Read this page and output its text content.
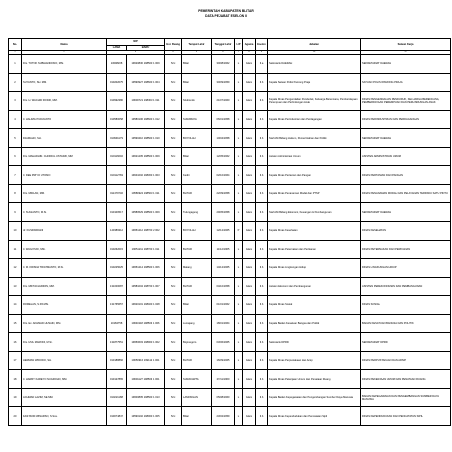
PEMERINTAH KABUPATEN BLITAR
DATA PEJABAT ESELON II
No.	Nama	NIP		Gol. Ruang	Tempat Lahir	Tanggal Lahir	L/P	Agama	Eselon	Jabatan	Satuan Kerja	
		LAMA	BARU									
1	2	3		4	5	6	7	8	9	10	11	
1	Drs. TOTOK SUBIHANDONO, MSi.	13098208	19620830 198503 1 009	IV/c	Blitar	30/08/1962	L	Islam	II.a	Sekretaris DAERAH	SEKRETARIAT DAERAH	
2	SUYANTO, SH. MM.	010202075	19590927 198603 1 004	IV/c	Blitar	30/09/1959	L	Islam	II.b	Kepala Satuan Polisi Pamong Praja	SATUAN POLISI PAMONG PRAJA	
3	Drs. H. WACHID RODZI, MM.	010992380	19600721 198303 1 011	IV/c	Situbondo	21/07/1960	L	Islam	II.b	Kepala Dinas Pengendalian Penduduk, Keluarga Berencana, Pemberdayaan Perempuan dan Perlindungan Anak	DINAS PENGENDALIAN PENDUDUK, KELUARGA BERENCANA, PEMBERDAYAAN PEREMPUAN DAN PERLINDUNGAN ANAK	
4	Ir. HALIMG PUDJIANTO	010580058	19580106 198603 1 012	IV/c	SURABAYA	06/01/1958	L	Islam	II.b	Kepala Dinas Perindustrian dan Perdagangan	DINAS PERINDUSTRIAN DAN PERDAGANGAN	
5	DJAMAHO, SH.	010991179	19590410 198503 1 010	IV/c	BOYOLALI	10/04/1958	L	Islam	II.b	Staf Ahli Bidang Hukum, Pemerintahan dan Politik	SEKRETARIAT DAERAH	
6	Drs. MAHADHIN. CHOIRUL USTADZI, MM	010116602	19621205 198503 1 009	IV/c	Blitar	12/05/1962	L	Islam	II.b	Asisten Administrasi Umum	ASISTEN ADMINISTRASI UMUM	
7	Ir. DEE PRIYO UTOMO	010112769	19641002 198303 1 003	IV/c	Kediri	02/10/1964	L	Islam	II.b	Kepala Dinas Pertanian dan Pangan	DINAS PERTANIAN DAN PANGAN	
8	Drs. MIDLAN, MM.	011479746	19580922 198503 1 011	IV/c	BLITAR	22/09/1958	L	Islam	II.b	Kepala Dinas Penanaman Modal dan PTSP	DINAS PENANAMAN MODAL DAN PELAYANAN TERPADU SATU PINTU	
9	Ir. SUGIANTO, M.Si.	010100517	19580529 198503 1 009	IV/c	Tulungagung	29/05/1958	L	Islam	II.b	Staf Ahli Bidang Ekonomi, Keuangan & Pembangunan	SEKRETARIAT DAERAH	
10	dr. KUSPARDANI	140389312	19651212 198703 2 002	IV/c	BOYOLALI	12/12/1965	P	Islam	II.b	Kepala Dinas Kesehatan	DINAS KESEHATAN	
11	Ir. WAGIYUDI, MSi.	010262015	19651211 198703 1 011	IV/c	BLITAR	11/12/1965	L	Islam	II.b	Kepala Dinas Peternakan dan Perikanan	DINAS PETERNAKAN DAN PERIKANAN	
12	Ir. M. KRISNA TRIATMANTO, M.Si.	010225025	19651214 198503 1 006	IV/c	Malang	14/12/1965	L	Islam	II.b	Kepala Dinas Lingkungan Hidup	DINAS LINGKUNGAN HIDUP	
13	Drs. MIFTACHUDDIN, MM.	131000087	19581004 198703 1 007	IV/c	BLITAR	04/10/1958	L	Islam	II.b	Asisten Ekonomi dan Pembangunan	ASISTEN PEREKONOMIAN DAN PEMBANGUNAN	
14	ROMELAN, S.Pd.MSi.	131765657	19620101 198403 1 028	IV/c	Blitar	01/01/1962	L	Islam	II.b	Kepala Dinas Sosial	DINAS SOSIAL	
15	Drs. Ec. AKHMAD HUSAIN, MSi.	10184758	19640118 198503 1 006	IV/c	Lumajang	18/01/1964	L	Islam	II.b	Kepala Badan Kesatuan Bangsa dan Politik	BADAN KESATUAN BANGSA DAN POLITIK	
16	Drs. IZUL MARONI, M.Si.	131877551	19650603 198903 1 002	IV/c	Bojonegoro	03/06/1965	L	Islam	II.b	Sekretaris DPRD	SEKRETARIAT DPRD	
17	HERMAN WIDODO, SH.	010188866	19650916 199112 1 001	IV/c	BLITAR	16/09/1965	L	Islam	II.b	Kepala Dinas Perpustakaan dan Arsip	DINAS PERPUSTAKAAN DAN ARSIP	
18	Ir. HARRY KAREYO NUGROHO, MM.	010127865	19601127 198503 1 001	IV/c	SURAKARTA	27/11/1960	L	Islam	II.b	Kepala Dinas Pekerjaan Umum dan Penataan Ruang	DINAS PEKERJAAN UMUM DAN PENATAAN RUANG	
19	ACHMAD LAZIM, SE.MM.	010221188	19600805 198503 1 013	IV/c	LAMONGAN	05/08/1960	L	Islam	II.b	Kepala Badan Kepegawaian dan Pengembangan Sumber Daya Manusia	BADAN KEPEGAWAIAN DAN PENGEMBANGAN SUMBER DAYA MANUSIA	
20	FAIZ BUDI WINARSO, S.Sos.	010074847	19590102 198003 1 005	IV/c	Blitar	23/02/1959	L	Islam	II.b	Kepala Dinas Kependudukan dan Pencatatan Sipil	DINAS KEPENDUDUKAN DAN PENCATATAN SIPIL	
